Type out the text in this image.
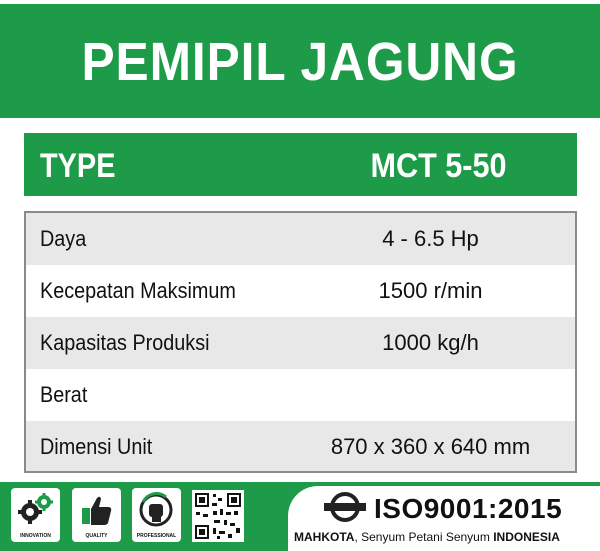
PEMIPIL JAGUNG
TYPE	MCT 5-50
Daya	4 - 6.5 Hp
Kecepatan Maksimum	1500 r/min
Kapasitas Produksi	1000 kg/h
Berat
Dimensi Unit	870 x 360 x 640 mm
INNOVATION	QUALITY	PROFESSIONAL
ISO9001:2015
MAHKOTA, Senyum Petani Senyum INDONESIA
